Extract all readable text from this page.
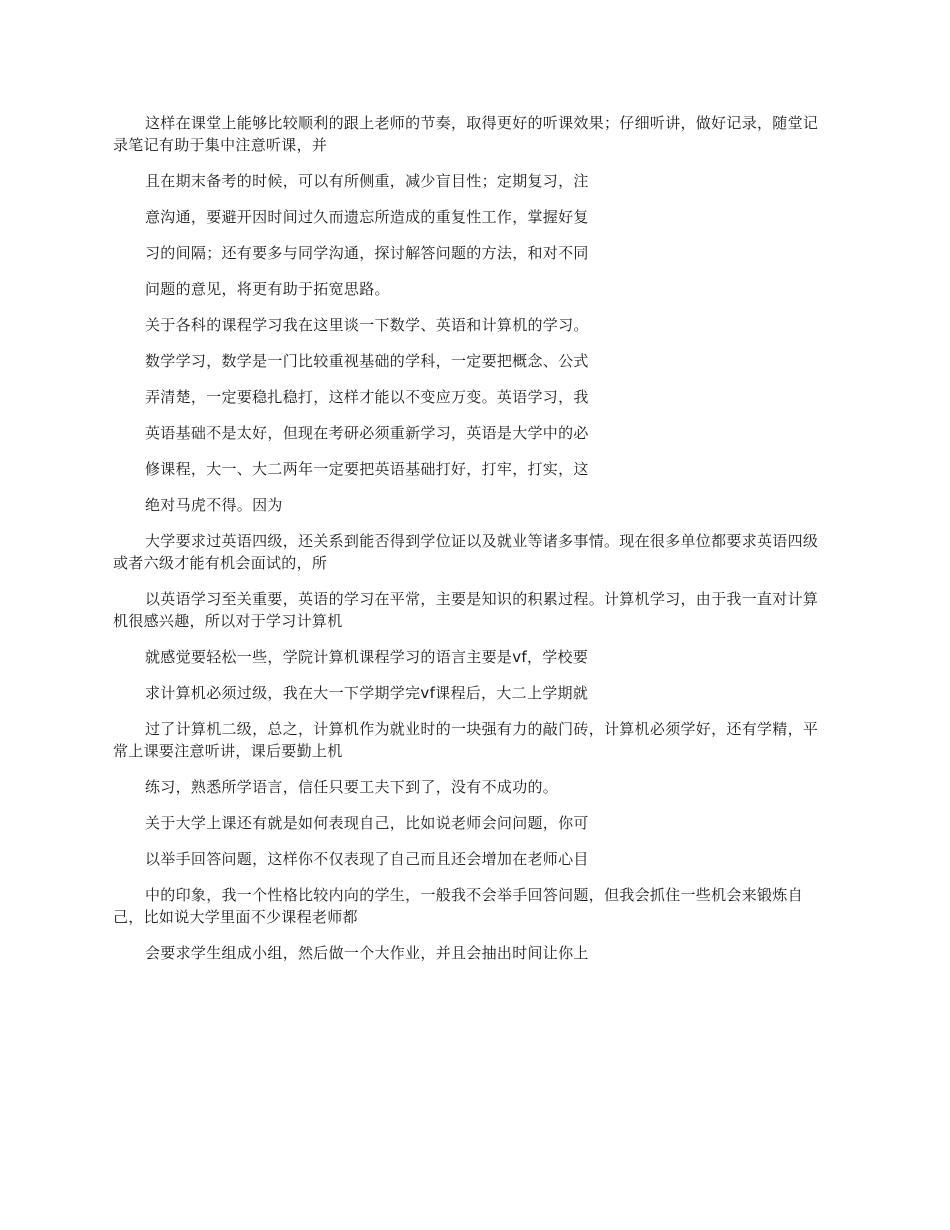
这样在课堂上能够比较顺利的跟上老师的节奏，取得更好的听课效果；仔细听讲，做好记录，随堂记录笔记有助于集中注意听课，并

且在期末备考的时候，可以有所侧重，减少盲目性；定期复习，注

意沟通，要避开因时间过久而遗忘所造成的重复性工作，掌握好复

习的间隔；还有要多与同学沟通，探讨解答问题的方法，和对不同

问题的意见，将更有助于拓宽思路。

关于各科的课程学习我在这里谈一下数学、英语和计算机的学习。

数学学习，数学是一门比较重视基础的学科，一定要把概念、公式

弄清楚，一定要稳扎稳打，这样才能以不变应万变。英语学习，我

英语基础不是太好，但现在考研必须重新学习，英语是大学中的必

修课程，大一、大二两年一定要把英语基础打好，打牢，打实，这

绝对马虎不得。因为

大学要求过英语四级，还关系到能否得到学位证以及就业等诸多事情。现在很多单位都要求英语四级或者六级才能有机会面试的，所

以英语学习至关重要，英语的学习在平常，主要是知识的积累过程。计算机学习，由于我一直对计算机很感兴趣，所以对于学习计算机

就感觉要轻松一些，学院计算机课程学习的语言主要是vf，学校要

求计算机必须过级，我在大一下学期学完vf课程后，大二上学期就

过了计算机二级，总之，计算机作为就业时的一块强有力的敲门砖，计算机必须学好，还有学精，平常上课要注意听讲，课后要勤上机

练习，熟悉所学语言，信任只要工夫下到了，没有不成功的。

关于大学上课还有就是如何表现自己，比如说老师会问问题，你可

以举手回答问题，这样你不仅表现了自己而且还会增加在老师心目

中的印象，我一个性格比较内向的学生，一般我不会举手回答问题，但我会抓住一些机会来锻炼自己，比如说大学里面不少课程老师都

会要求学生组成小组，然后做一个大作业，并且会抽出时间让你上
